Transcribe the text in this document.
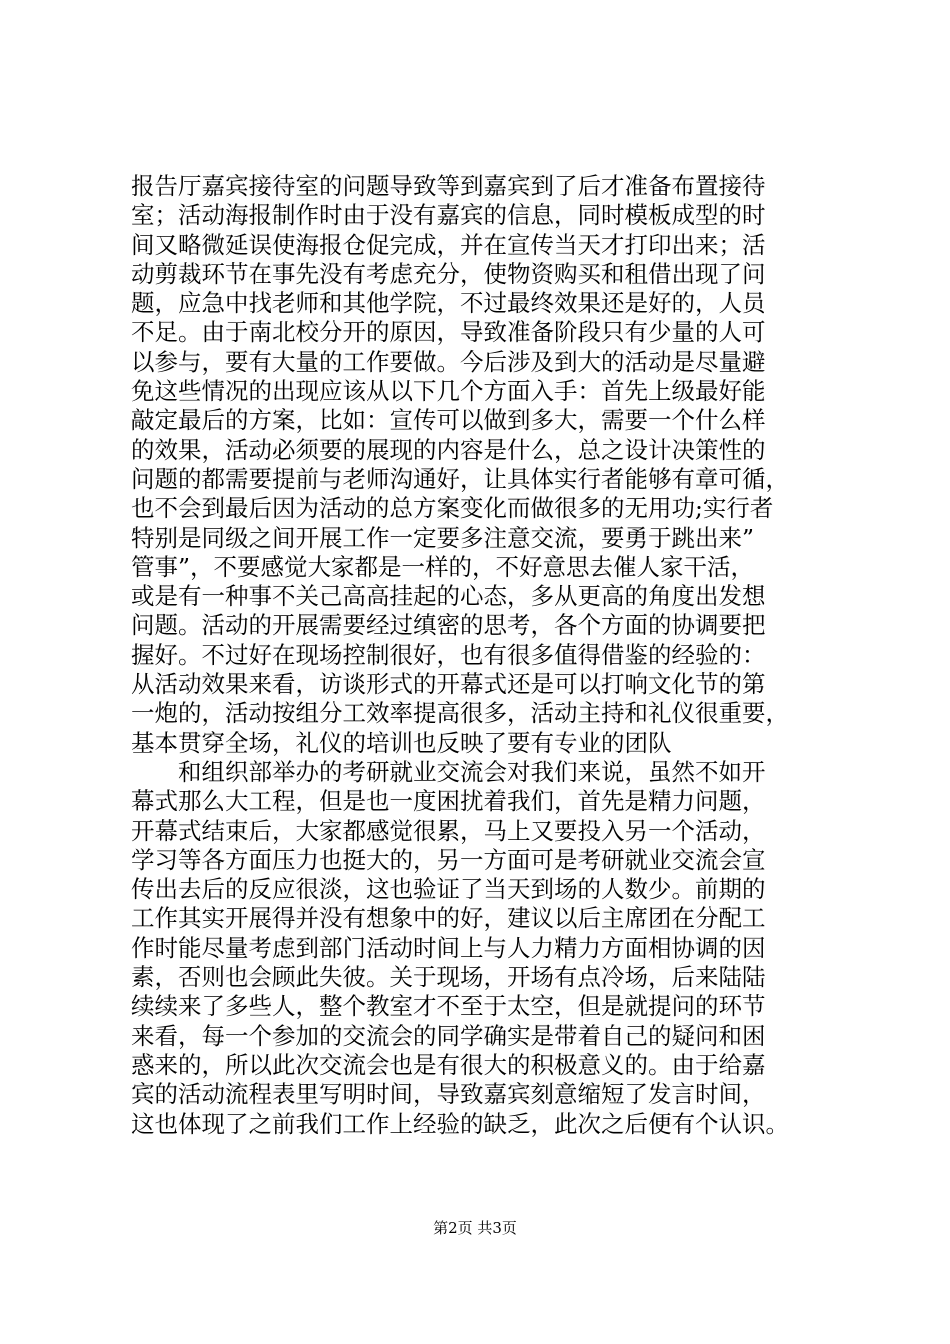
报告厅嘉宾接待室的问题导致等到嘉宾到了后才准备布置接待
室；活动海报制作时由于没有嘉宾的信息，同时模板成型的时
间又略微延误使海报仓促完成，并在宣传当天才打印出来；活
动剪裁环节在事先没有考虑充分，使物资购买和租借出现了问
题，应急中找老师和其他学院，不过最终效果还是好的，人员
不足。由于南北校分开的原因，导致准备阶段只有少量的人可
以参与，要有大量的工作要做。今后涉及到大的活动是尽量避
免这些情况的出现应该从以下几个方面入手：首先上级最好能
敲定最后的方案，比如：宣传可以做到多大，需要一个什么样
的效果，活动必须要的展现的内容是什么，总之设计决策性的
问题的都需要提前与老师沟通好，让具体实行者能够有章可循，
也不会到最后因为活动的总方案变化而做很多的无用功;实行者
特别是同级之间开展工作一定要多注意交流，要勇于跳出来”
管事”，不要感觉大家都是一样的，不好意思去催人家干活，
或是有一种事不关己高高挂起的心态，多从更高的角度出发想
问题。活动的开展需要经过缜密的思考，各个方面的协调要把
握好。不过好在现场控制很好，也有很多值得借鉴的经验的：
从活动效果来看，访谈形式的开幕式还是可以打响文化节的第
一炮的，活动按组分工效率提高很多，活动主持和礼仪很重要，
基本贯穿全场，礼仪的培训也反映了要有专业的团队
和组织部举办的考研就业交流会对我们来说，虽然不如开
幕式那么大工程，但是也一度困扰着我们，首先是精力问题，
开幕式结束后，大家都感觉很累，马上又要投入另一个活动，
学习等各方面压力也挺大的，另一方面可是考研就业交流会宣
传出去后的反应很淡，这也验证了当天到场的人数少。前期的
工作其实开展得并没有想象中的好，建议以后主席团在分配工
作时能尽量考虑到部门活动时间上与人力精力方面相协调的因
素，否则也会顾此失彼。关于现场，开场有点冷场，后来陆陆
续续来了多些人，整个教室才不至于太空，但是就提问的环节
来看，每一个参加的交流会的同学确实是带着自己的疑问和困
惑来的，所以此次交流会也是有很大的积极意义的。由于给嘉
宾的活动流程表里写明时间，导致嘉宾刻意缩短了发言时间，
这也体现了之前我们工作上经验的缺乏，此次之后便有个认识。
第2页 共3页
